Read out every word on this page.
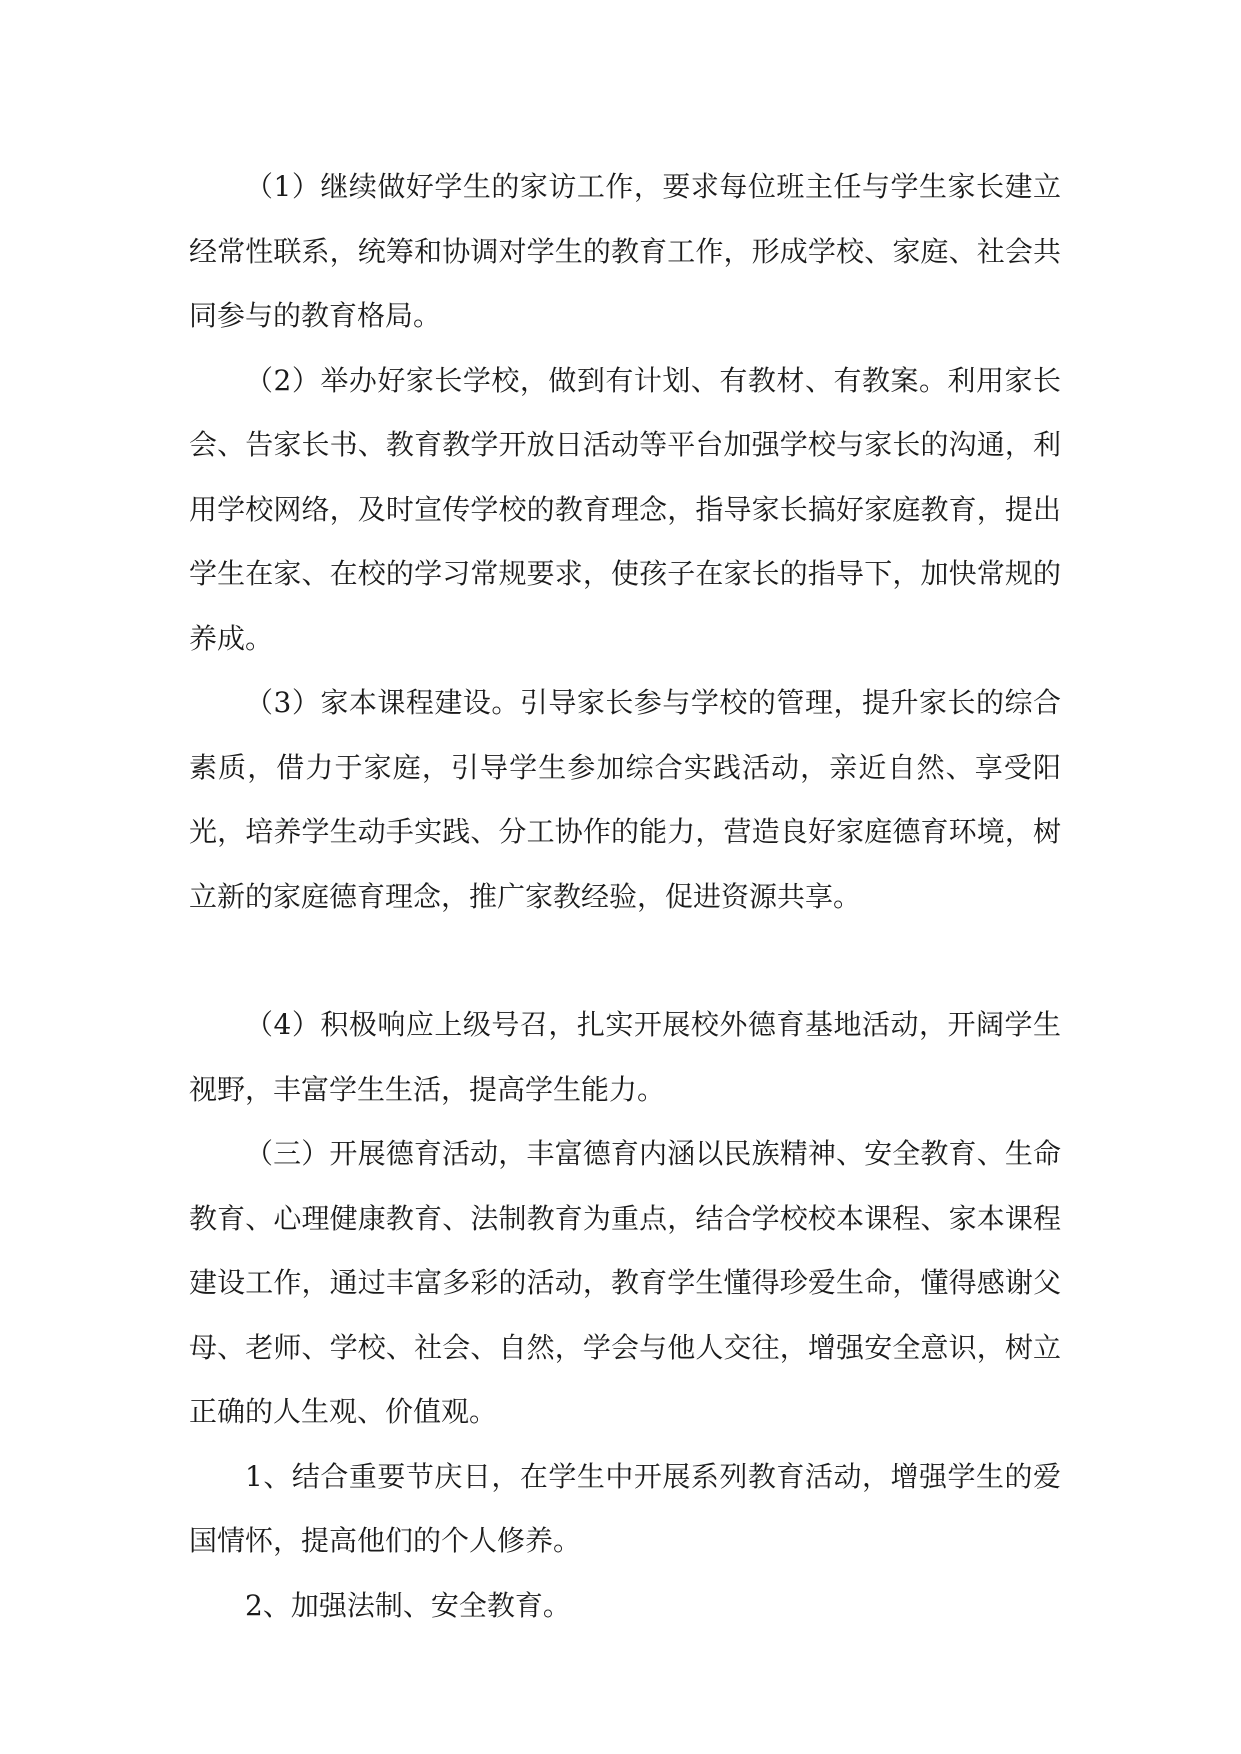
（1）继续做好学生的家访工作，要求每位班主任与学生家长建立经常性联系，统筹和协调对学生的教育工作，形成学校、家庭、社会共同参与的教育格局。

（2）举办好家长学校，做到有计划、有教材、有教案。利用家长会、告家长书、教育教学开放日活动等平台加强学校与家长的沟通，利用学校网络，及时宣传学校的教育理念，指导家长搞好家庭教育，提出学生在家、在校的学习常规要求，使孩子在家长的指导下，加快常规的养成。

（3）家本课程建设。引导家长参与学校的管理，提升家长的综合素质，借力于家庭，引导学生参加综合实践活动，亲近自然、享受阳光，培养学生动手实践、分工协作的能力，营造良好家庭德育环境，树立新的家庭德育理念，推广家教经验，促进资源共享。

（4）积极响应上级号召，扎实开展校外德育基地活动，开阔学生视野，丰富学生生活，提高学生能力。

（三）开展德育活动，丰富德育内涵以民族精神、安全教育、生命教育、心理健康教育、法制教育为重点，结合学校校本课程、家本课程建设工作，通过丰富多彩的活动，教育学生懂得珍爱生命，懂得感谢父母、老师、学校、社会、自然，学会与他人交往，增强安全意识，树立正确的人生观、价值观。

1、结合重要节庆日，在学生中开展系列教育活动，增强学生的爱国情怀，提高他们的个人修养。

2、加强法制、安全教育。
